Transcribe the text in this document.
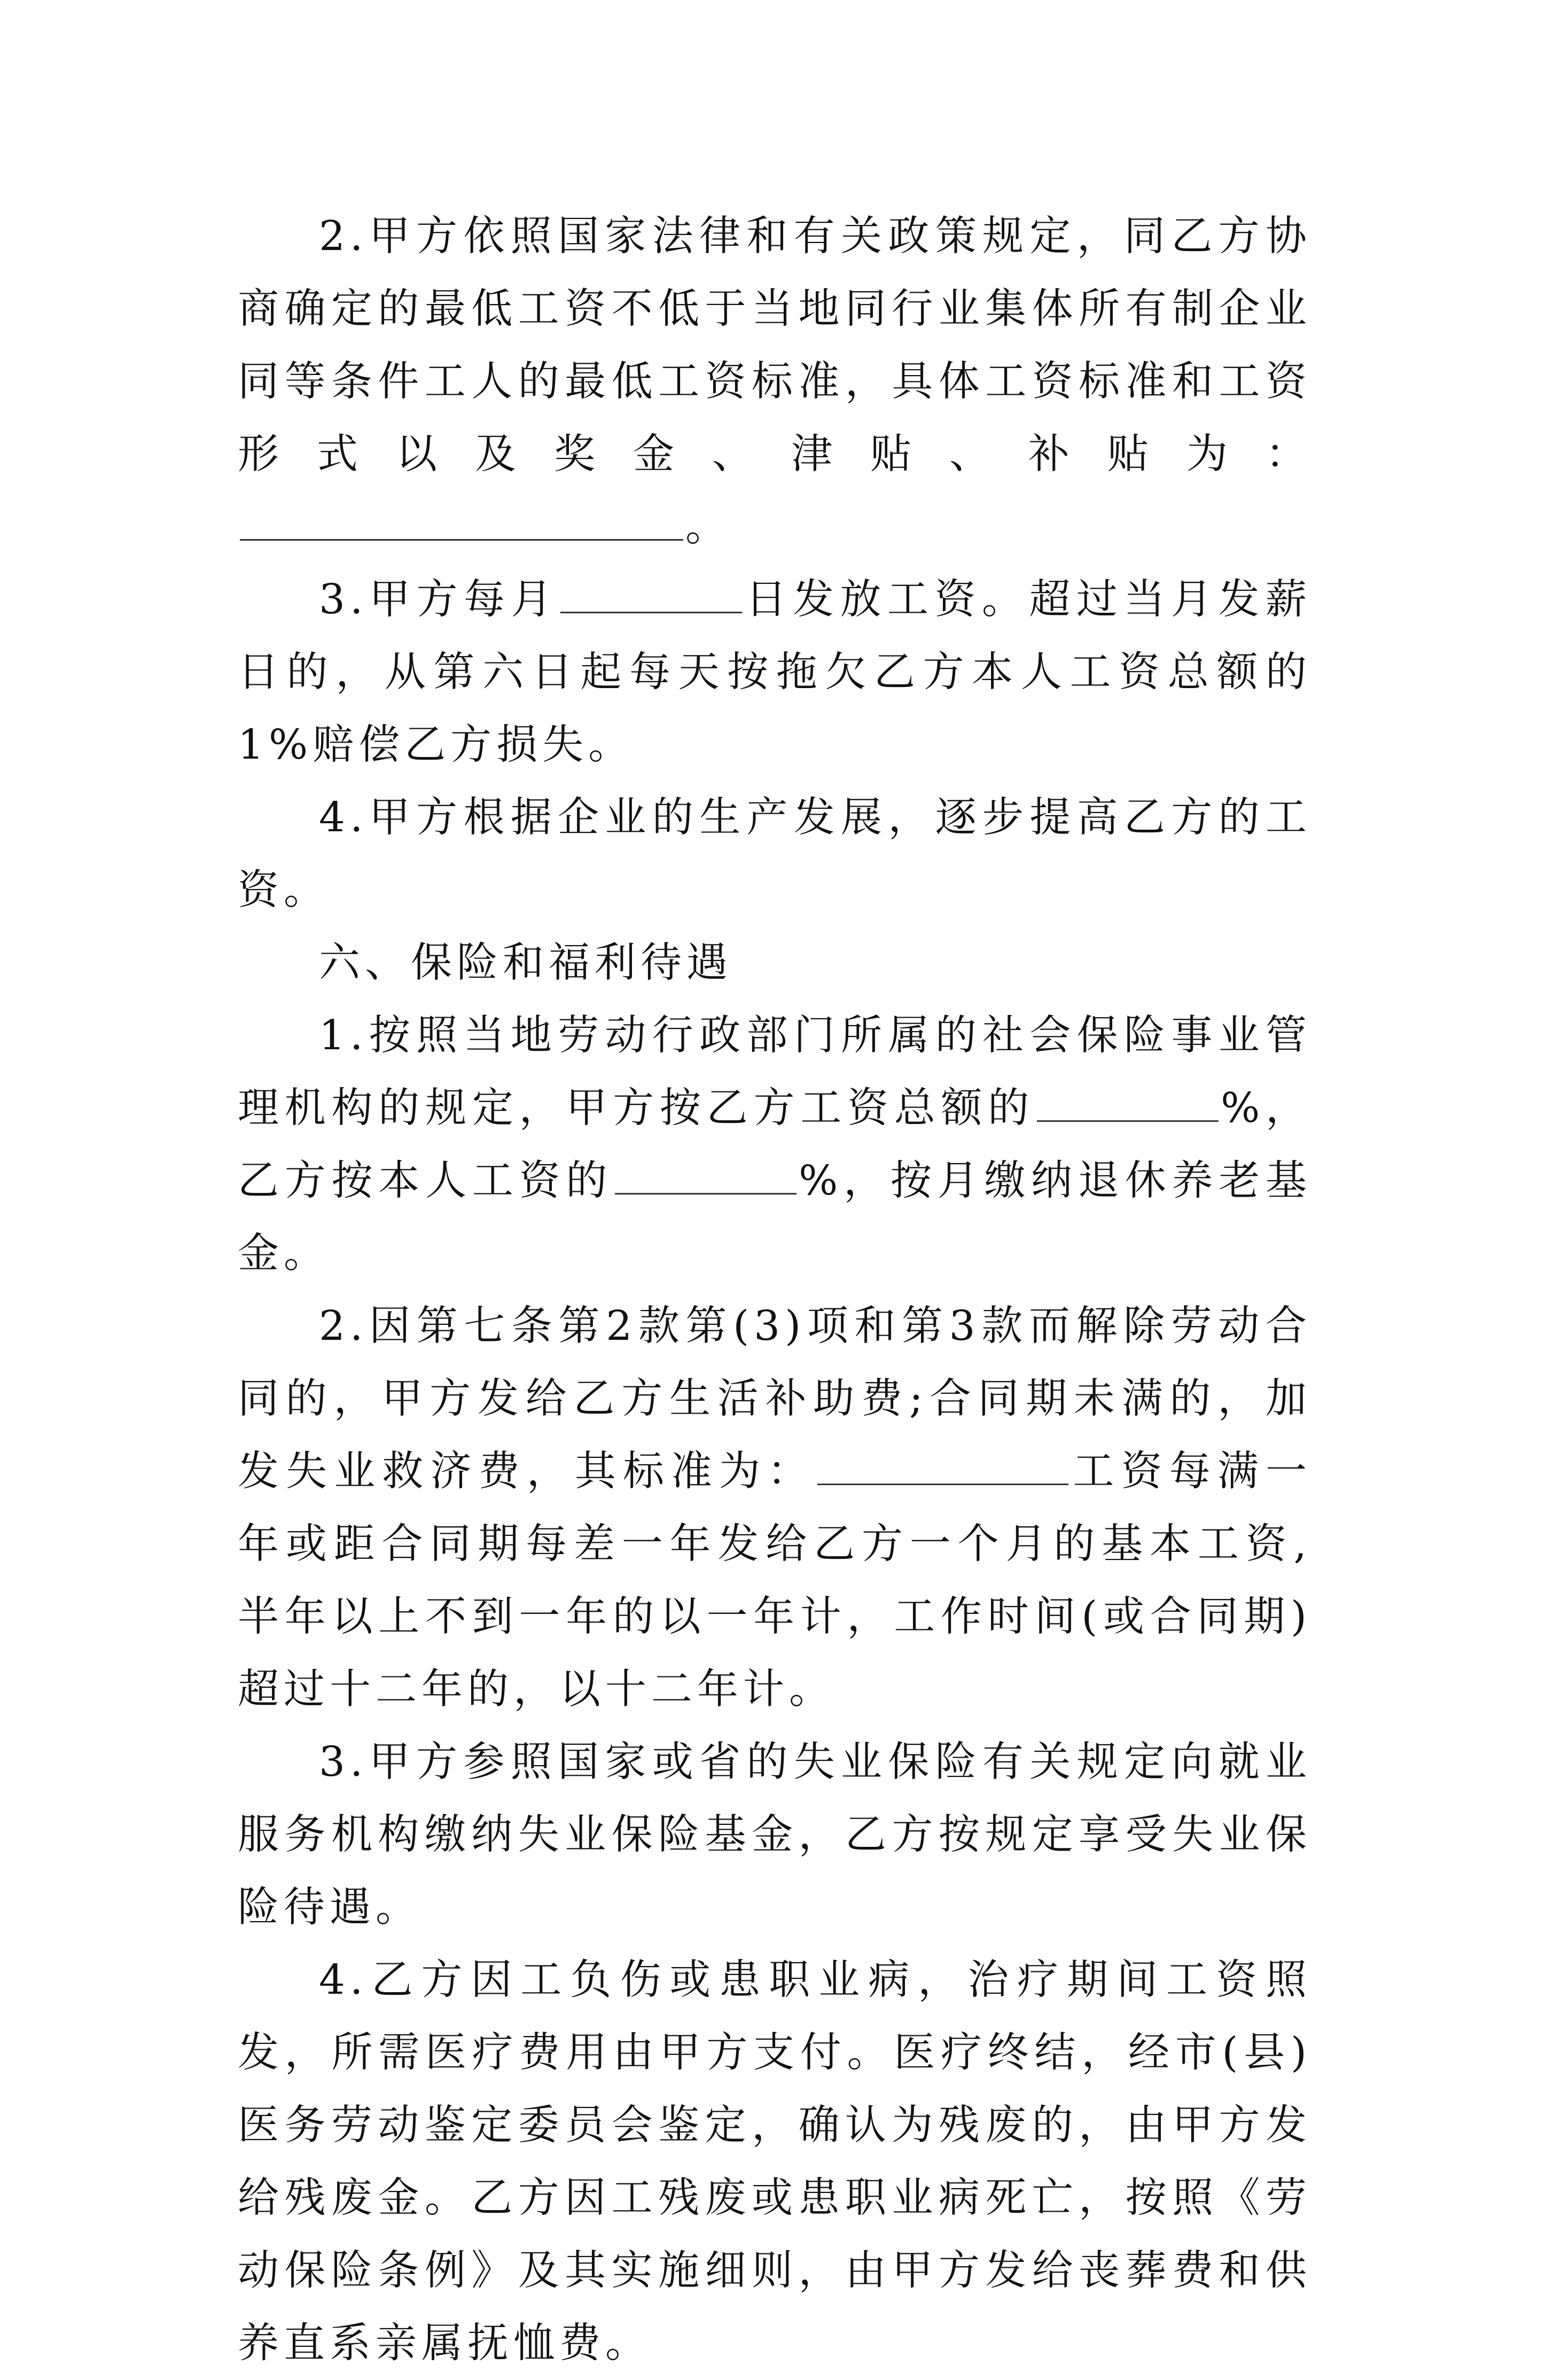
2.甲方依照国家法律和有关政策规定，同乙方协商确定的最低工资不低于当地同行业集体所有制企业同等条件工人的最低工资标准，具体工资标准和工资形式以及奖金、津贴、补贴为：。

3.甲方每月	日发放工资。超过当月发薪日的，从第六日起每天按拖欠乙方本人工资总额的1%赔偿乙方损失。

4.甲方根据企业的生产发展，逐步提高乙方的工资。

六、保险和福利待遇

1.按照当地劳动行政部门所属的社会保险事业管理机构的规定，甲方按乙方工资总额的	%，乙方按本人工资的	%，按月缴纳退休养老基金。

2.因第七条第2款第(3)项和第3款而解除劳动合同的，甲方发给乙方生活补助费;合同期未满的，加发失业救济费，其标准为：	工资每满一年或距合同期每差一年发给乙方一个月的基本工资,半年以上不到一年的以一年计，工作时间(或合同期)超过十二年的，以十二年计。

3.甲方参照国家或省的失业保险有关规定向就业服务机构缴纳失业保险基金，乙方按规定享受失业保险待遇。

4.乙方因工负伤或患职业病，治疗期间工资照发，所需医疗费用由甲方支付。医疗终结，经市(县)医务劳动鉴定委员会鉴定，确认为残废的，由甲方发给残废金。乙方因工残废或患职业病死亡，按照《劳动保险条例》及其实施细则，由甲方发给丧葬费和供养直系亲属抚恤费。
